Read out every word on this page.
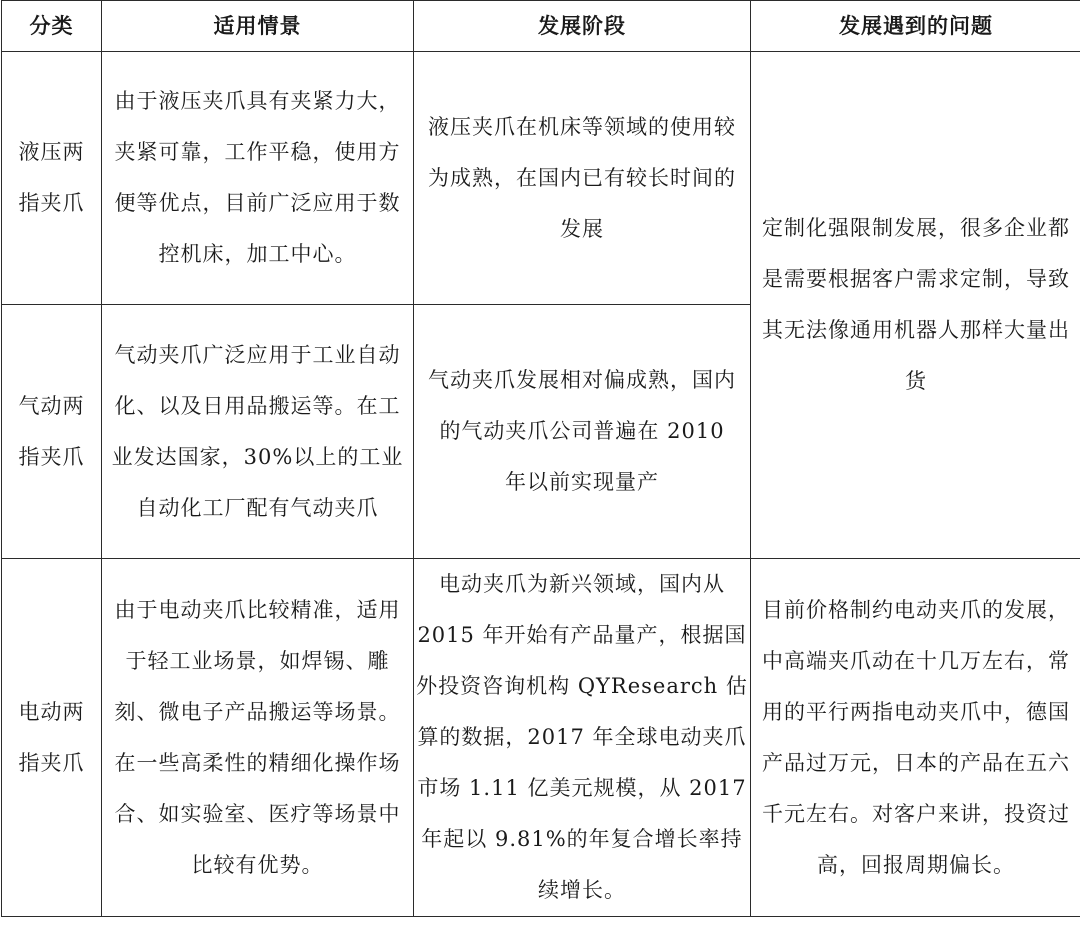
分类	适用情景	发展阶段	发展遇到的问题

液压两指夹爪	由于液压夹爪具有夹紧力大，夹紧可靠，工作平稳，使用方便等优点，目前广泛应用于数控机床，加工中心。	液压夹爪在机床等领域的使用较为成熟，在国内已有较长时间的发展	定制化强限制发展，很多企业都是需要根据客户需求定制，导致其无法像通用机器人那样大量出货

气动两指夹爪	气动夹爪广泛应用于工业自动化、以及日用品搬运等。在工业发达国家，30%以上的工业自动化工厂配有气动夹爪	气动夹爪发展相对偏成熟，国内的气动夹爪公司普遍在 2010 年以前实现量产	

电动两指夹爪	由于电动夹爪比较精准，适用于轻工业场景，如焊锡、雕刻、微电子产品搬运等场景。在一些高柔性的精细化操作场合、如实验室、医疗等场景中比较有优势。	电动夹爪为新兴领域，国内从 2015 年开始有产品量产，根据国外投资咨询机构 QYResearch 估算的数据，2017 年全球电动夹爪市场 1.11 亿美元规模，从 2017 年起以 9.81%的年复合增长率持续增长。	目前价格制约电动夹爪的发展，中高端夹爪动在十几万左右，常用的平行两指电动夹爪中，德国产品过万元，日本的产品在五六千元左右。对客户来讲，投资过高，回报周期偏长。
